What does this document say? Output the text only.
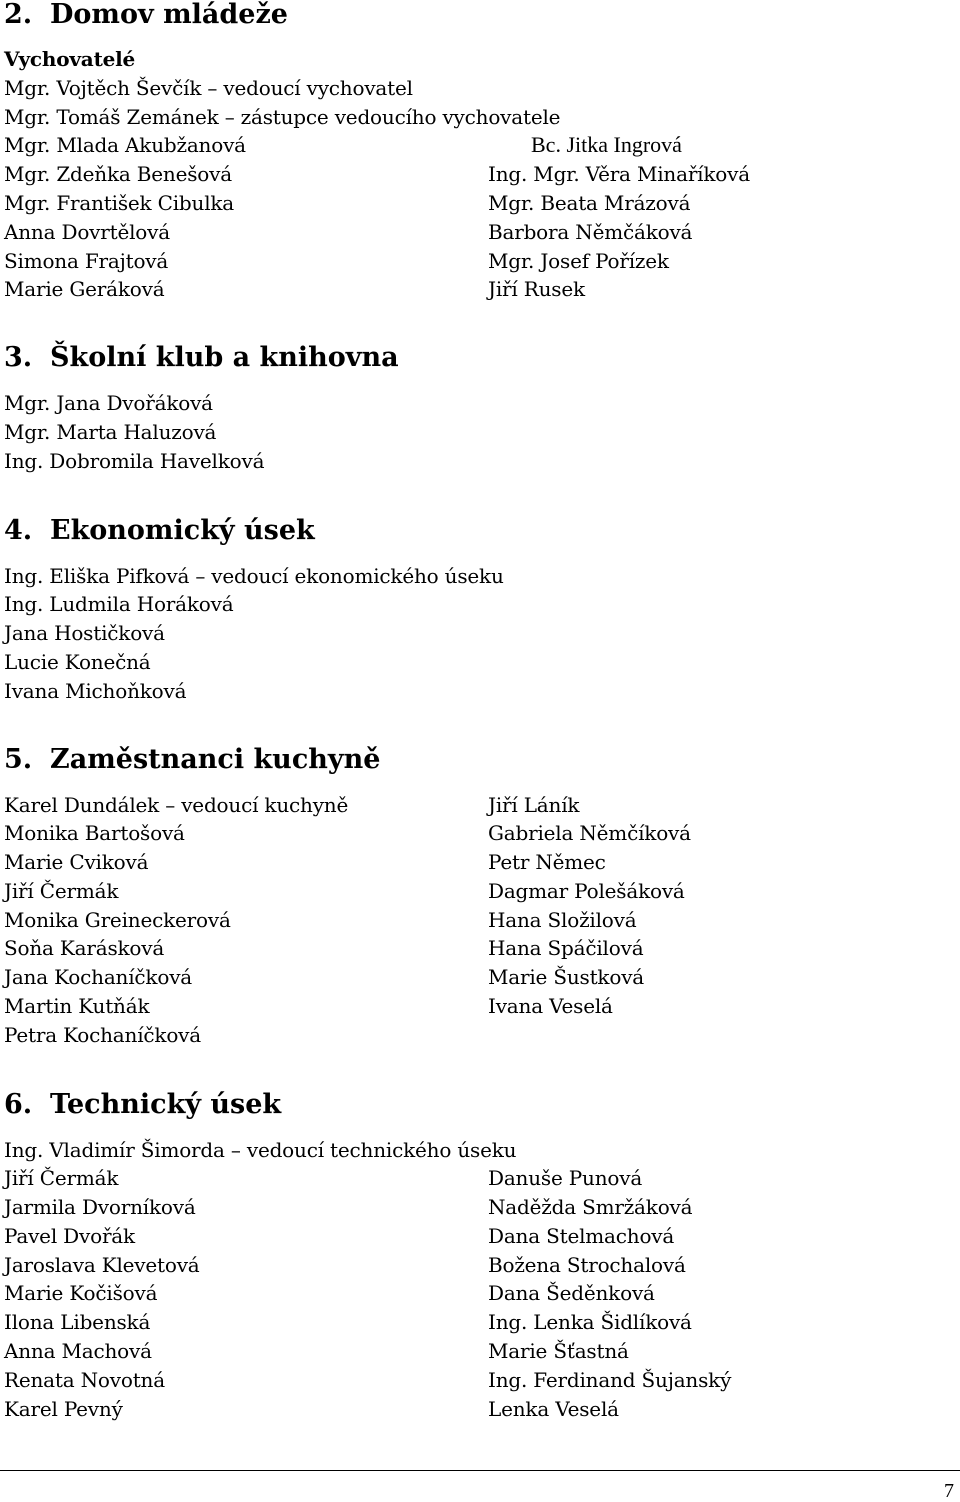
2. Domov mládeže
Vychovatelé
Mgr. Vojtěch Ševčík – vedoucí vychovatel
Mgr. Tomáš Zemánek – zástupce vedoucího vychovatele
Mgr. Mlada Akubžanová
Mgr. Zdeňka Benešová
Mgr. František Cibulka
Anna Dovrtělová
Simona Frajtová
Marie Geráková
Bc. Jitka Ingrová
Ing. Mgr. Věra Minaříková
Mgr. Beata Mrázová
Barbora Němčáková
Mgr. Josef Pořízek
Jiří Rusek
3. Školní klub a knihovna
Mgr. Jana Dvořáková
Mgr. Marta Haluzová
Ing. Dobromila Havelková
4. Ekonomický úsek
Ing. Eliška Pifková – vedoucí ekonomického úseku
Ing. Ludmila Horáková
Jana Hostičková
Lucie Konečná
Ivana Michoňková
5. Zaměstnanci kuchyně
Karel Dundálek – vedoucí kuchyně
Monika Bartošová
Marie Cviková
Jiří Čermák
Monika Greineckerová
Soňa Karásková
Jana Kochaníčková
Martin Kutňák
Petra Kochaníčková
Jiří Láník
Gabriela Němčíková
Petr Němec
Dagmar Polešáková
Hana Složilová
Hana Spáčilová
Marie Šustková
Ivana Veselá
6. Technický úsek
Ing. Vladimír Šimorda – vedoucí technického úseku
Jiří Čermák
Jarmila Dvorníková
Pavel Dvořák
Jaroslava Klevetová
Marie Kočišová
Ilona Libenská
Anna Machová
Renata Novotná
Karel Pevný
Danuše Punová
Naděžda Smržáková
Dana Stelmachová
Božena Strochalová
Dana Šeděnková
Ing. Lenka Šidlíková
Marie Šťastná
Ing. Ferdinand Šujanský
Lenka Veselá
7
